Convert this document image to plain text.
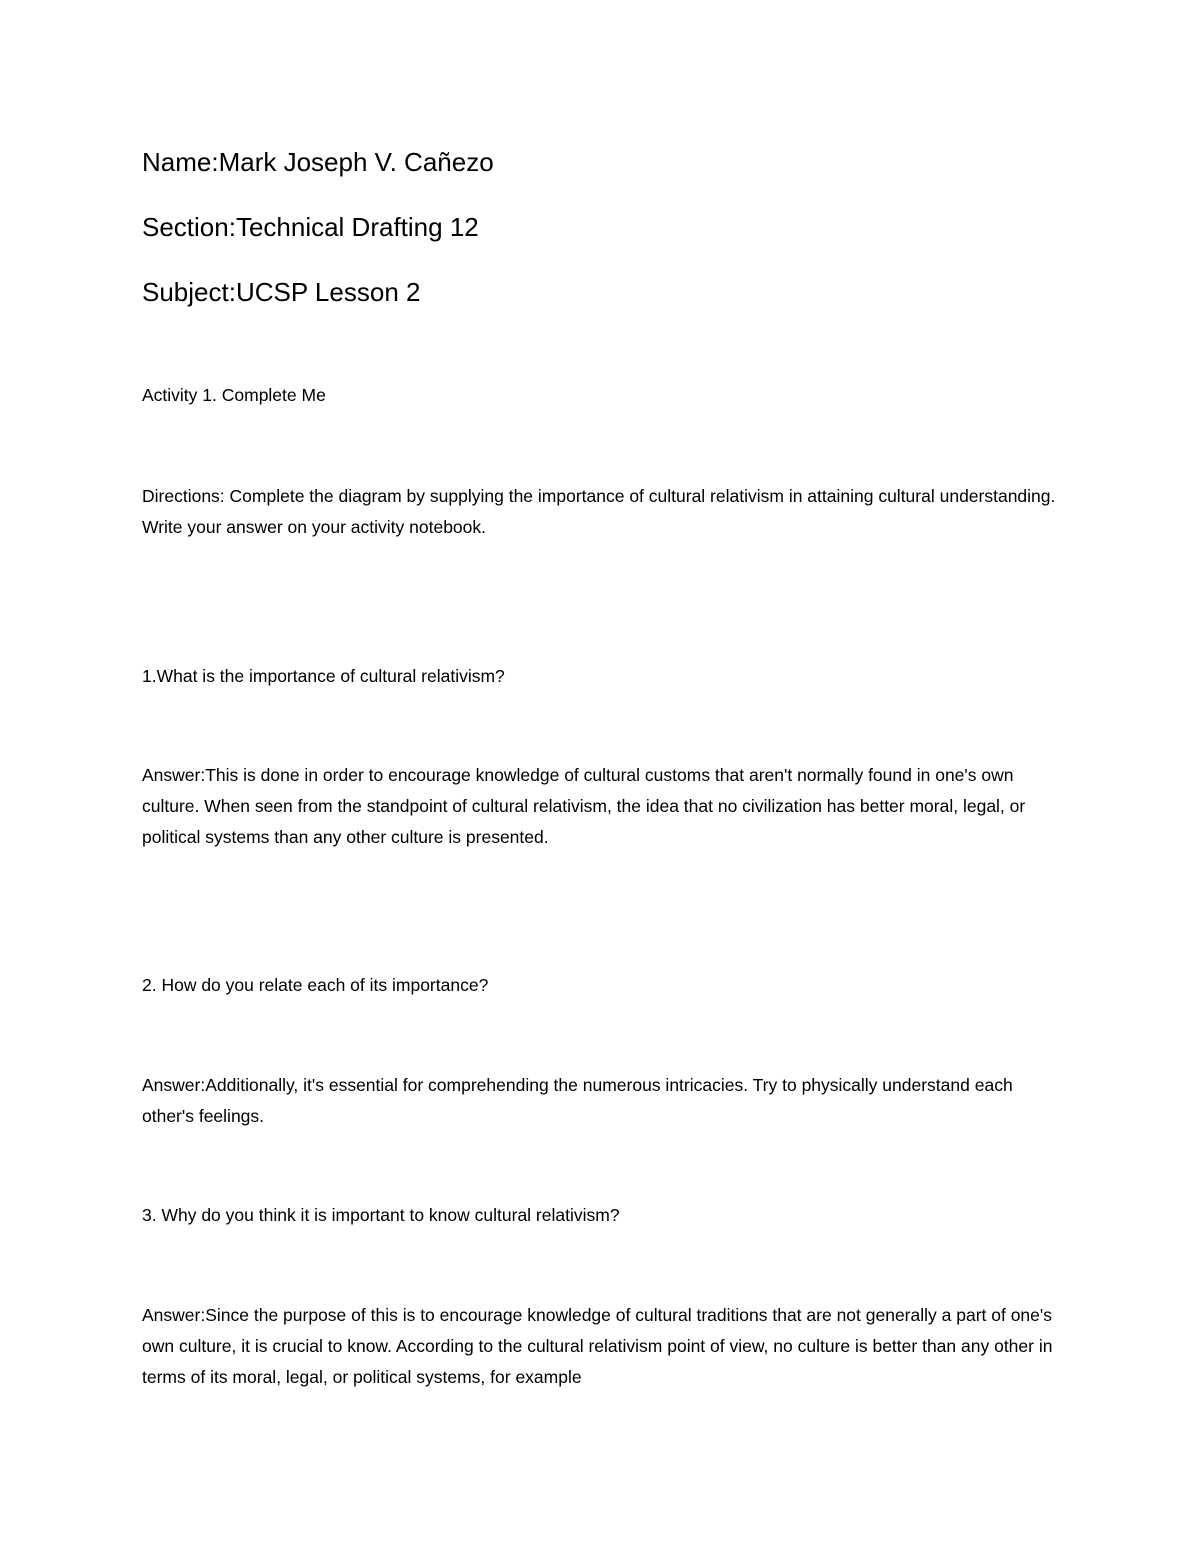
Name:Mark Joseph V. Cañezo

Section:Technical Drafting 12

Subject:UCSP Lesson 2

Activity 1. Complete Me

Directions: Complete the diagram by supplying the importance of cultural relativism in attaining cultural understanding. Write your answer on your activity notebook.

1.What is the importance of cultural relativism?

Answer:This is done in order to encourage knowledge of cultural customs that aren't normally found in one's own culture. When seen from the standpoint of cultural relativism, the idea that no civilization has better moral, legal, or political systems than any other culture is presented.

2. How do you relate each of its importance?

Answer:Additionally, it's essential for comprehending the numerous intricacies. Try to physically understand each other's feelings.

3. Why do you think it is important to know cultural relativism?

Answer:Since the purpose of this is to encourage knowledge of cultural traditions that are not generally a part of one's own culture, it is crucial to know. According to the cultural relativism point of view, no culture is better than any other in terms of its moral, legal, or political systems, for example
